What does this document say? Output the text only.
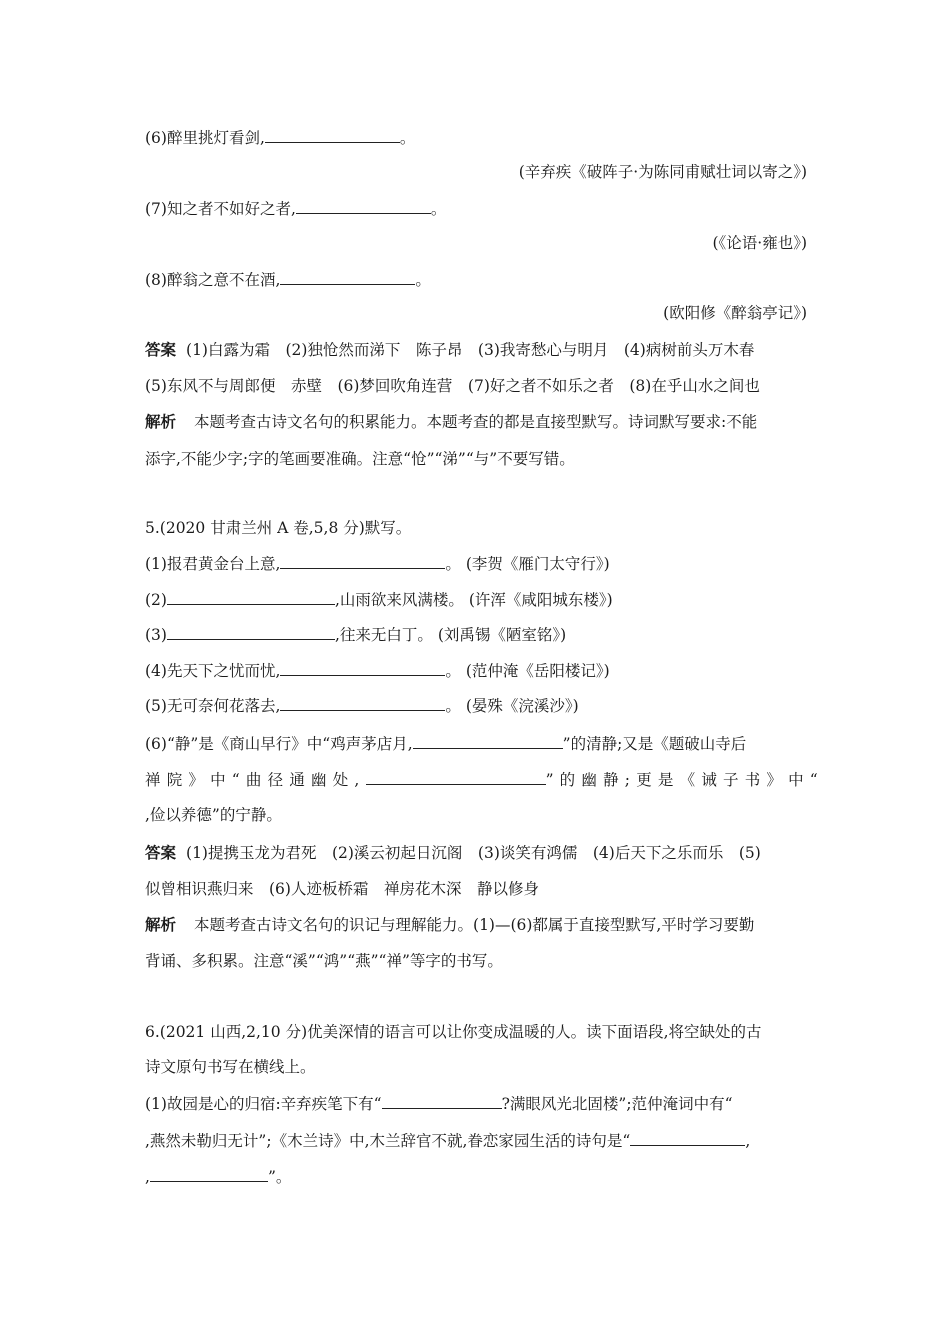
(6)醉里挑灯看剑,	。
(辛弃疾《破阵子·为陈同甫赋壮词以寄之》)
(7)知之者不如好之者,	。
(《论语·雍也》)
(8)醉翁之意不在酒,	。
(欧阳修《醉翁亭记》)
答案 (1)白露为霜　(2)独怆然而涕下　陈子昂　(3)我寄愁心与明月　(4)病树前头万木春
(5)东风不与周郎便　赤壁　(6)梦回吹角连营　(7)好之者不如乐之者　(8)在乎山水之间也
解析 本题考查古诗文名句的积累能力。本题考查的都是直接型默写。诗词默写要求:不能
添字,不能少字;字的笔画要准确。注意“怆”“涕”“与”不要写错。
5.(2020 甘肃兰州 A 卷,5,8 分)默写。
(1)报君黄金台上意,	。 (李贺《雁门太守行》)
(2)	,山雨欲来风满楼。 (许浑《咸阳城东楼》)
(3)	,往来无白丁。 (刘禹锡《陋室铭》)
(4)先天下之忧而忧,	。 (范仲淹《岳阳楼记》)
(5)无可奈何花落去,	。 (晏殊《浣溪沙》)
(6)“静”是《商山早行》中“鸡声茅店月,	”的清静;又是《题破山寺后
禅院》中“曲径通幽处,	”的幽静;更是《诫子书》中“
,俭以养德”的宁静。
答案 (1)提携玉龙为君死　(2)溪云初起日沉阁　(3)谈笑有鸿儒　(4)后天下之乐而乐　(5)
似曾相识燕归来　(6)人迹板桥霜　禅房花木深　静以修身
解析 本题考查古诗文名句的识记与理解能力。(1)—(6)都属于直接型默写,平时学习要勤
背诵、多积累。注意“溪”“鸿”“燕”“禅”等字的书写。
6.(2021 山西,2,10 分)优美深情的语言可以让你变成温暖的人。读下面语段,将空缺处的古
诗文原句书写在横线上。
(1)故园是心的归宿:辛弃疾笔下有“	?满眼风光北固楼”;范仲淹词中有“
,燕然未勒归无计”;《木兰诗》中,木兰辞官不就,眷恋家园生活的诗句是“	,
,	”。
